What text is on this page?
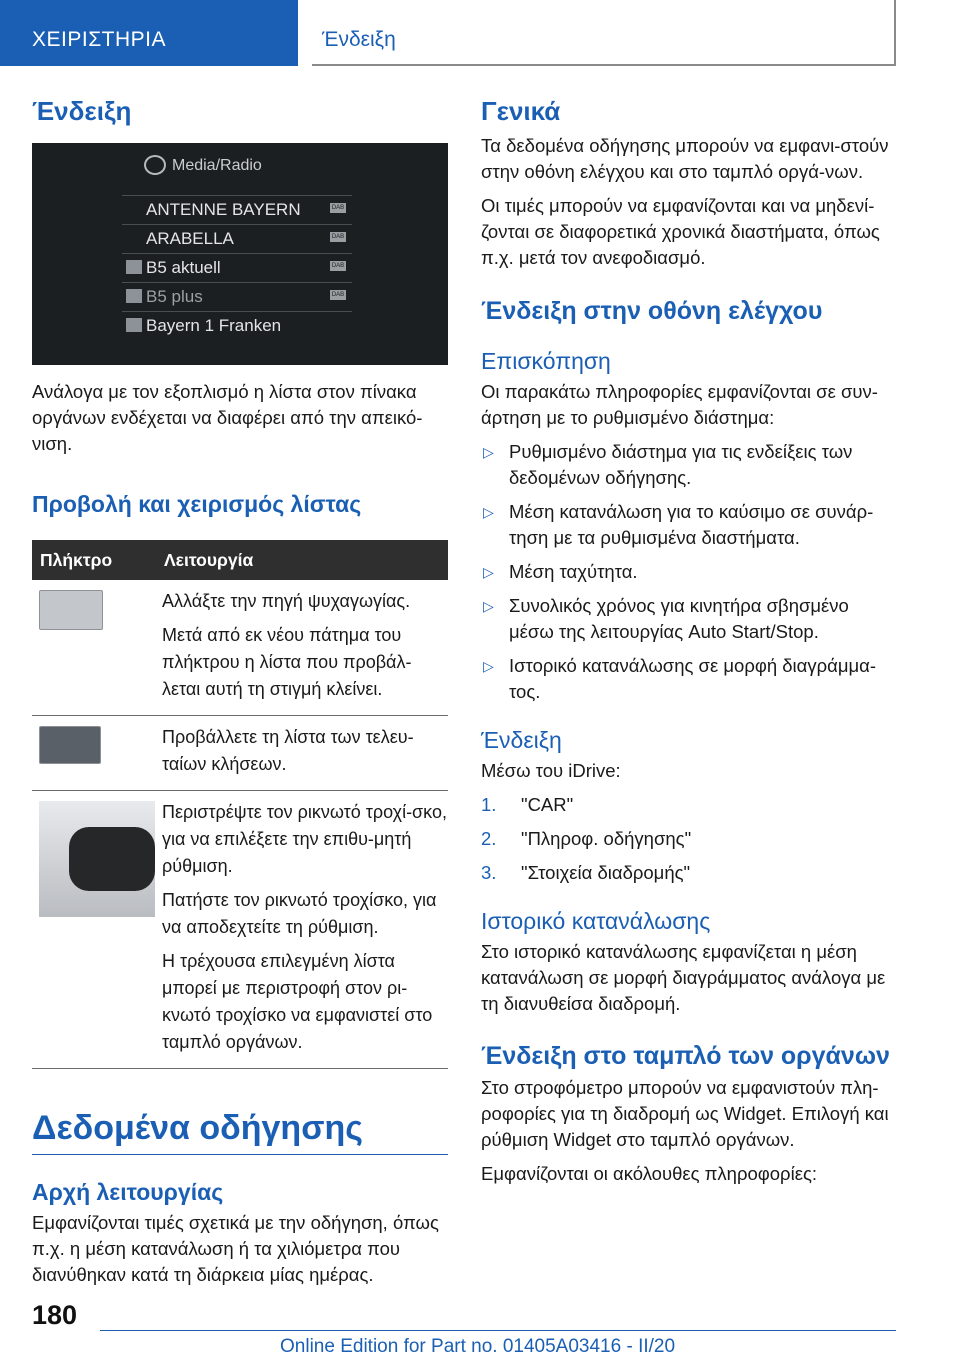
ΧΕΙΡΙΣΤΗΡΙΑ	Ένδειξη
Ένδειξη
Media/Radio
ANTENNE BAYERN	DAB
ARABELLA	DAB
B5 aktuell	DAB
B5 plus	DAB
Bayern 1 Franken

Ανάλογα με τον εξοπλισμό η λίστα στον πίνακα οργάνων ενδέχεται να διαφέρει από την απεικό-νιση.

Προβολή και χειρισμός λίστας
Πλήκτρο	Λειτουργία

	Αλλάξτε την πηγή ψυχαγωγίας.

Μετά από εκ νέου πάτημα του πλήκτρου η λίστα που προβάλ-λεται αυτή τη στιγμή κλείνει.

	Προβάλλετε τη λίστα των τελευ-ταίων κλήσεων.

	Περιστρέψτε τον ρικνωτό τροχί-σκο, για να επιλέξετε την επιθυ-μητή ρύθμιση.

Πατήστε τον ρικνωτό τροχίσκο, για να αποδεχτείτε τη ρύθμιση.

Η τρέχουσα επιλεγμένη λίστα μπορεί με περιστροφή στον ρι-κνωτό τροχίσκο να εμφανιστεί στο ταμπλό οργάνων.

Δεδομένα οδήγησης
Αρχή λειτουργίας

Εμφανίζονται τιμές σχετικά με την οδήγηση, όπως π.χ. η μέση κατανάλωση ή τα χιλιόμετρα που διανύθηκαν κατά τη διάρκεια μίας ημέρας.

Γενικά

Τα δεδομένα οδήγησης μπορούν να εμφανι-στούν στην οθόνη ελέγχου και στο ταμπλό οργά-νων.

Οι τιμές μπορούν να εμφανίζονται και να μηδενί-ζονται σε διαφορετικά χρονικά διαστήματα, όπως π.χ. μετά τον ανεφοδιασμό.

Ένδειξη στην οθόνη ελέγχου
Επισκόπηση

Οι παρακάτω πληροφορίες εμφανίζονται σε συν-άρτηση με το ρυθμισμένο διάστημα:

▷ Ρυθμισμένο διάστημα για τις ενδείξεις των δεδομένων οδήγησης.
▷ Μέση κατανάλωση για το καύσιμο σε συνάρ-τηση με τα ρυθμισμένα διαστήματα.
▷ Μέση ταχύτητα.
▷ Συνολικός χρόνος για κινητήρα σβησμένο μέσω της λειτουργίας Auto Start/Stop.
▷ Ιστορικό κατανάλωσης σε μορφή διαγράμμα-τος.
Ένδειξη

Μέσω του iDrive:

1. "CAR"
2. "Πληροφ. οδήγησης"
3. "Στοιχεία διαδρομής"
Ιστορικό κατανάλωσης

Στο ιστορικό κατανάλωσης εμφανίζεται η μέση κατανάλωση σε μορφή διαγράμματος ανάλογα με τη διανυθείσα διαδρομή.

Ένδειξη στο ταμπλό των οργάνων

Στο στροφόμετρο μπορούν να εμφανιστούν πλη-ροφορίες για τη διαδρομή ως Widget. Επιλογή και ρύθμιση Widget στο ταμπλό οργάνων.

Εμφανίζονται οι ακόλουθες πληροφορίες:

180
Online Edition for Part no. 01405A03416 - II/20
